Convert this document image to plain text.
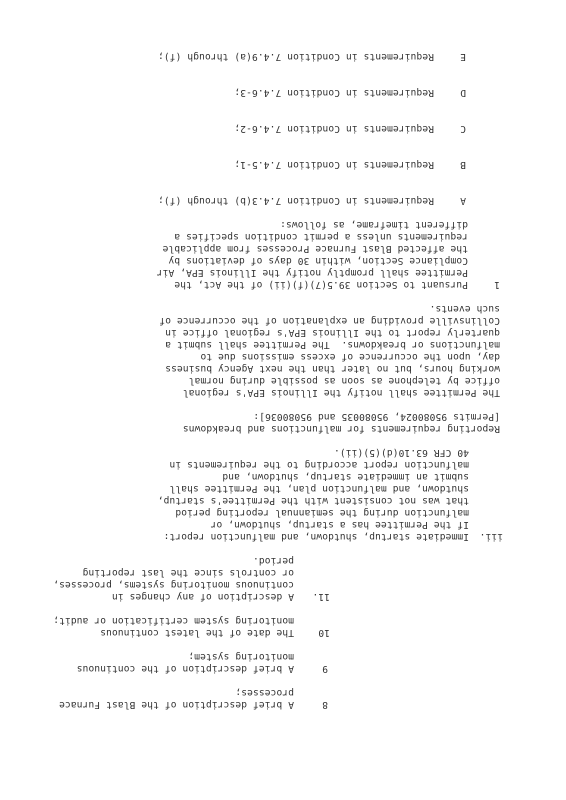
8
A brief description of the Blast Furnace
processes;
9
A brief description of the continuous
monitoring system;
10
The date of the latest continuous
monitoring system certification or audit;
11.
A description of any changes in
continuous monitoring systems, processes,
or controls since the last reporting
period.
iii.
Immediate startup, shutdown, and malfunction report:
If the Permittee has a startup, shutdown, or
malfunction during the semiannual reporting period
that was not consistent with the Permittee's startup,
shutdown, and malfunction plan, the Permittee shall
submit an immediate startup, shutdown, and
malfunction report according to the requirements in
40 CFR 63.10(d)(5)(ii).
Reporting requirements for malfunctions and breakdowns
[Permits 95080024, 95080035 and 95080036]:
The Permittee shall notify the Illinois EPA's regional
office by telephone as soon as possible during normal
working hours, but no later than the next Agency business
day, upon the occurrence of excess emissions due to
malfunctions or breakdowns.  The Permittee shall submit a
quarterly report to the Illinois EPA's regional office in
Collinsville providing an explanation of the occurrence of
such events.
1
Pursuant to Section 39.5(7)(f)(ii) of the Act, the
Permittee shall promptly notify the Illinois EPA, Air
Compliance Section, within 30 days of deviations by
the affected Blast Furnace Processes from applicable
requirements unless a permit condition specifies a
different timeframe, as follows:
A
Requirements in Condition 7.4.3(b) through (f);
B
Requirements in Condition 7.4.5-1;
C
Requirements in Condition 7.4.6-2;
D
Requirements in Condition 7.4.6-3;
E
Requirements in Condition 7.4.9(a) through (f);
